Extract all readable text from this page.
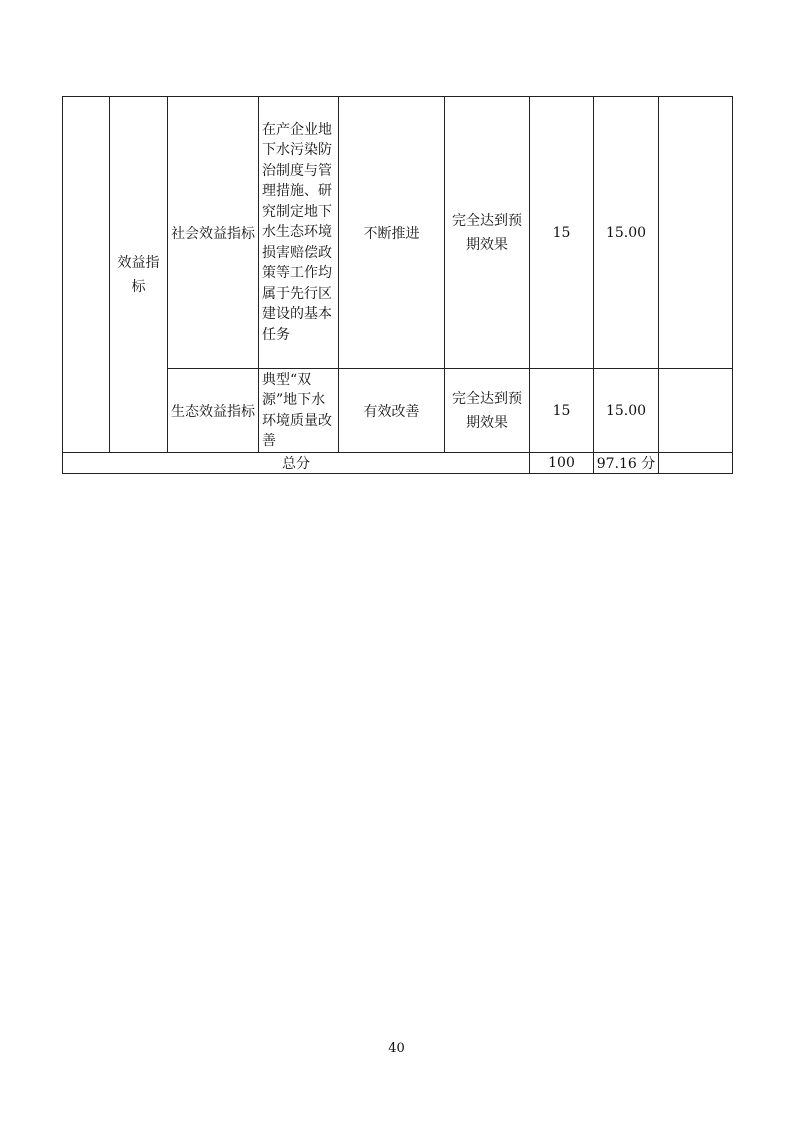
	效益指标	社会效益指标	在产企业地下水污染防治制度与管理措施、研究制定地下水生态环境损害赔偿政策等工作均属于先行区建设的基本任务	不断推进	完全达到预期效果	15	15.00	
		生态效益指标	典型“双源”地下水环境质量改善	有效改善	完全达到预期效果	15	15.00	
总分						100	97.16 分	
40
